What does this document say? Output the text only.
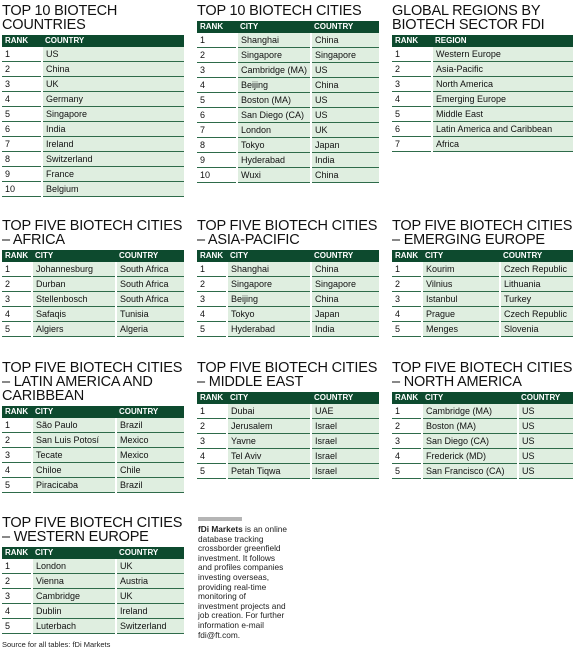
TOP 10 BIOTECH COUNTRIES
RANK	COUNTRY
1	US
2	China
3	UK
4	Germany
5	Singapore
6	India
7	Ireland
8	Switzerland
9	France
10	Belgium
TOP 10 BIOTECH CITIES
RANK	CITY	COUNTRY
1	Shanghai	China
2	Singapore	Singapore
3	Cambridge (MA)	US
4	Beijing	China
5	Boston (MA)	US
6	San Diego (CA)	US
7	London	UK
8	Tokyo	Japan
9	Hyderabad	India
10	Wuxi	China
GLOBAL REGIONS BY BIOTECH SECTOR FDI
RANK	REGION
1	Western Europe
2	Asia-Pacific
3	North America
4	Emerging Europe
5	Middle East
6	Latin America and Caribbean
7	Africa
TOP FIVE BIOTECH CITIES – AFRICA
RANK	CITY	COUNTRY
1	Johannesburg	South Africa
2	Durban	South Africa
3	Stellenbosch	South Africa
4	Safaqis	Tunisia
5	Algiers	Algeria
TOP FIVE BIOTECH CITIES – ASIA-PACIFIC
RANK	CITY	COUNTRY
1	Shanghai	China
2	Singapore	Singapore
3	Beijing	China
4	Tokyo	Japan
5	Hyderabad	India
TOP FIVE BIOTECH CITIES – EMERGING EUROPE
RANK	CITY	COUNTRY
1	Kourim	Czech Republic
2	Vilnius	Lithuania
3	Istanbul	Turkey
4	Prague	Czech Republic
5	Menges	Slovenia
TOP FIVE BIOTECH CITIES – LATIN AMERICA AND CARIBBEAN
RANK	CITY	COUNTRY
1	São Paulo	Brazil
2	San Luis Potosí	Mexico
3	Tecate	Mexico
4	Chiloe	Chile
5	Piracicaba	Brazil
TOP FIVE BIOTECH CITIES – MIDDLE EAST
RANK	CITY	COUNTRY
1	Dubai	UAE
2	Jerusalem	Israel
3	Yavne	Israel
4	Tel Aviv	Israel
5	Petah Tiqwa	Israel
TOP FIVE BIOTECH CITIES – NORTH AMERICA
RANK	CITY	COUNTRY
1	Cambridge (MA)	US
2	Boston (MA)	US
3	San Diego (CA)	US
4	Frederick (MD)	US
5	San Francisco (CA)	US
TOP FIVE BIOTECH CITIES – WESTERN EUROPE
RANK	CITY	COUNTRY
1	London	UK
2	Vienna	Austria
3	Cambridge	UK
4	Dublin	Ireland
5	Luterbach	Switzerland
fDi Markets is an online database tracking crossborder greenfield investment. It follows and profiles companies investing overseas, providing real-time monitoring of investment projects and job creation. For further information e-mail fdi@ft.com.
Source for all tables: fDi Markets
